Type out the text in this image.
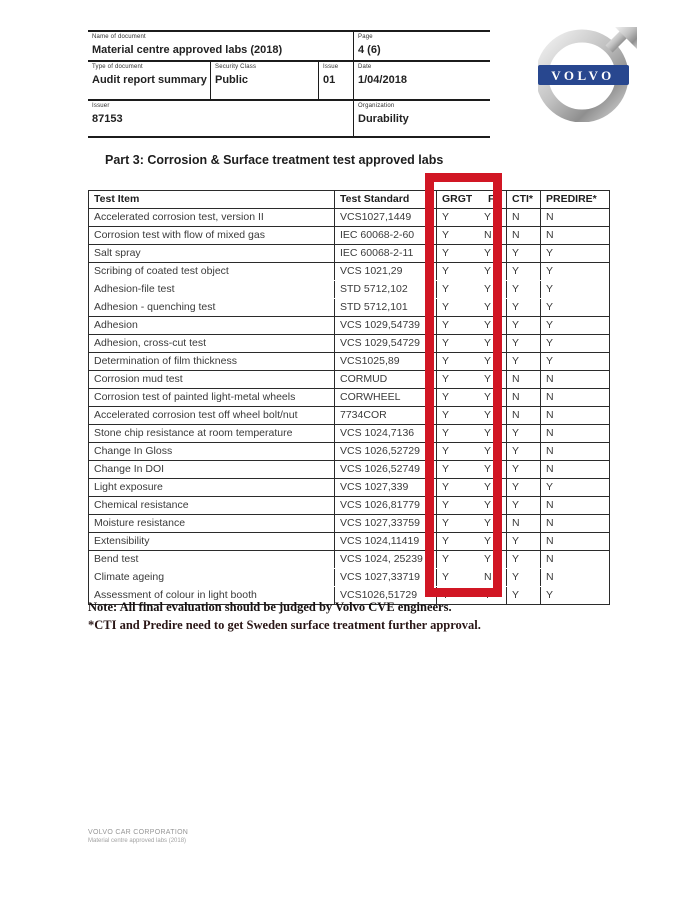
Name of document
Material centre approved labs (2018)
Page
4 (6)
Type of document
Audit report summary
Security Class
Public
Issue
01
Date
1/04/2018
Issuer
87153
Organization
Durability
VOLVO
Part 3: Corrosion & Surface treatment test approved labs
Test Item	Test Standard	GRGT	FA	CTI*	PREDIRE*
Accelerated corrosion test, version II	VCS1027,1449	Y	Y	N	N
Corrosion test with flow of mixed gas	IEC 60068-2-60	Y	N	N	N
Salt spray	IEC 60068-2-11	Y	Y	Y	Y
Scribing of coated test object	VCS 1021,29	Y	Y	Y	Y
Adhesion-file test	STD 5712,102	Y	Y	Y	Y
Adhesion - quenching test	STD 5712,101	Y	Y	Y	Y
Adhesion	VCS 1029,54739	Y	Y	Y	Y
Adhesion, cross-cut test	VCS 1029,54729	Y	Y	Y	Y
Determination of film thickness	VCS1025,89	Y	Y	Y	Y
Corrosion mud test	CORMUD	Y	Y	N	N
Corrosion test of painted light-metal wheels	CORWHEEL	Y	Y	N	N
Accelerated corrosion test off wheel bolt/nut	7734COR	Y	Y	N	N
Stone chip resistance at room temperature	VCS 1024,7136	Y	Y	Y	N
Change In Gloss	VCS 1026,52729	Y	Y	Y	N
Change In DOI	VCS 1026,52749	Y	Y	Y	N
Light exposure	VCS 1027,339	Y	Y	Y	Y
Chemical resistance	VCS 1026,81779	Y	Y	Y	N
Moisture resistance	VCS 1027,33759	Y	Y	N	N
Extensibility	VCS 1024,11419	Y	Y	Y	N
Bend test	VCS 1024, 25239	Y	Y	Y	N
Climate ageing	VCS 1027,33719	Y	N	Y	N
Assessment of colour in light booth	VCS1026,51729	Y	Y	Y	Y
Note: All final evaluation should be judged by Volvo CVE engineers.
*CTI and Predire need to get Sweden surface treatment further approval.
VOLVO CAR CORPORATION
Material centre approved labs (2018)
